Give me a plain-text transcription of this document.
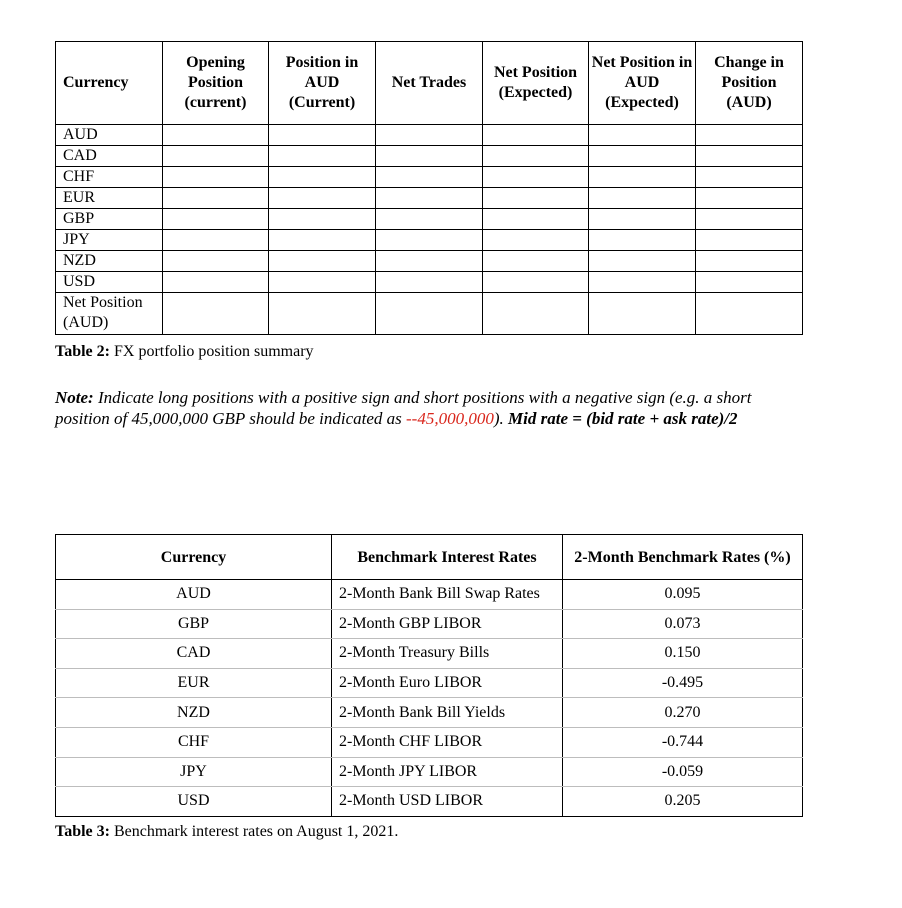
Currency	Opening Position (current)	Position in AUD (Current)	Net Trades	Net Position (Expected)	Net Position in AUD (Expected)	Change in Position (AUD)
AUD						
CAD						
CHF						
EUR						
GBP						
JPY						
NZD						
USD						
Net Position (AUD)						
Table 2: FX portfolio position summary
Note: Indicate long positions with a positive sign and short positions with a negative sign (e.g. a short position of 45,000,000 GBP should be indicated as --45,000,000). Mid rate = (bid rate + ask rate)/2
Currency	Benchmark Interest Rates	2-Month Benchmark Rates (%)
AUD	2-Month Bank Bill Swap Rates	0.095
GBP	2-Month GBP LIBOR	0.073
CAD	2-Month Treasury Bills	0.150
EUR	2-Month Euro LIBOR	-0.495
NZD	2-Month Bank Bill Yields	0.270
CHF	2-Month CHF LIBOR	-0.744
JPY	2-Month JPY LIBOR	-0.059
USD	2-Month USD LIBOR	0.205
Table 3: Benchmark interest rates on August 1, 2021.
